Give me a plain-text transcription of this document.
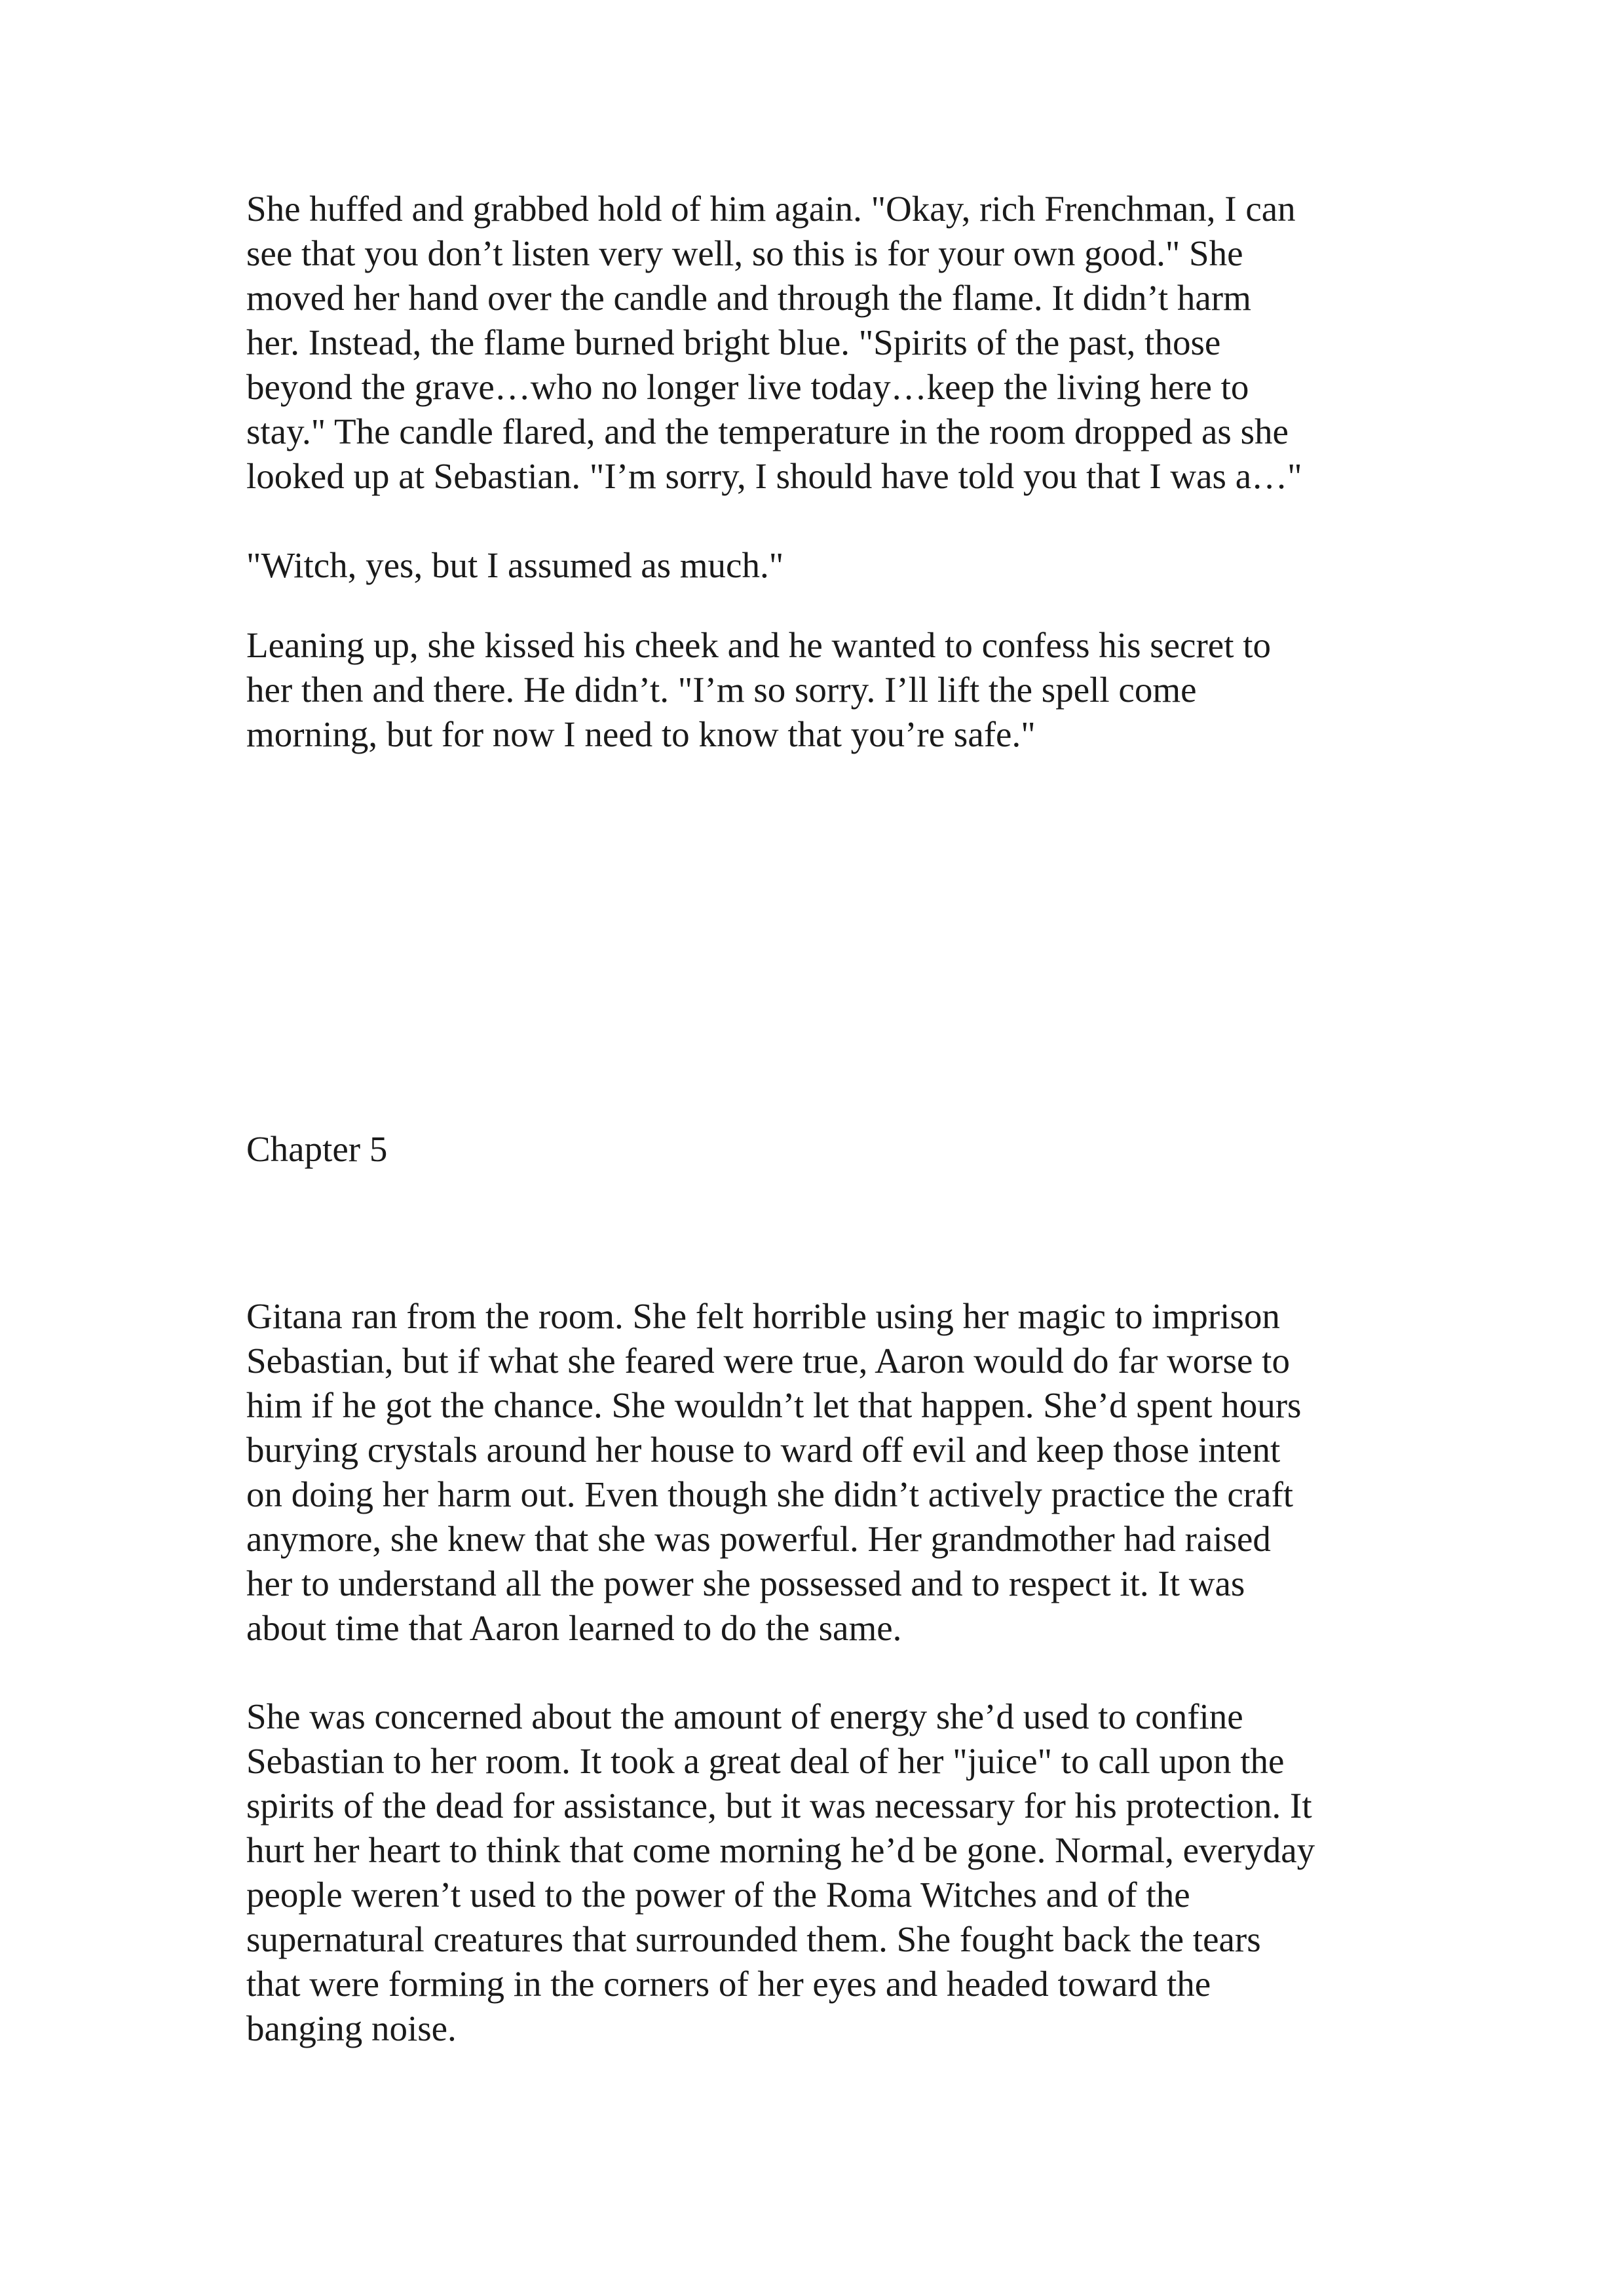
She huffed and grabbed hold of him again. "Okay, rich Frenchman, I can
see that you don’t listen very well, so this is for your own good." She
moved her hand over the candle and through the flame. It didn’t harm
her. Instead, the flame burned bright blue. "Spirits of the past, those
beyond the grave…who no longer live today…keep the living here to
stay." The candle flared, and the temperature in the room dropped as she
looked up at Sebastian. "I’m sorry, I should have told you that I was a…"

"Witch, yes, but I assumed as much."

Leaning up, she kissed his cheek and he wanted to confess his secret to
her then and there. He didn’t. "I’m so sorry. I’ll lift the spell come
morning, but for now I need to know that you’re safe."

Chapter 5

Gitana ran from the room. She felt horrible using her magic to imprison
Sebastian, but if what she feared were true, Aaron would do far worse to
him if he got the chance. She wouldn’t let that happen. She’d spent hours
burying crystals around her house to ward off evil and keep those intent
on doing her harm out. Even though she didn’t actively practice the craft
anymore, she knew that she was powerful. Her grandmother had raised
her to understand all the power she possessed and to respect it. It was
about time that Aaron learned to do the same.

She was concerned about the amount of energy she’d used to confine
Sebastian to her room. It took a great deal of her "juice" to call upon the
spirits of the dead for assistance, but it was necessary for his protection. It
hurt her heart to think that come morning he’d be gone. Normal, everyday
people weren’t used to the power of the Roma Witches and of the
supernatural creatures that surrounded them. She fought back the tears
that were forming in the corners of her eyes and headed toward the
banging noise.
